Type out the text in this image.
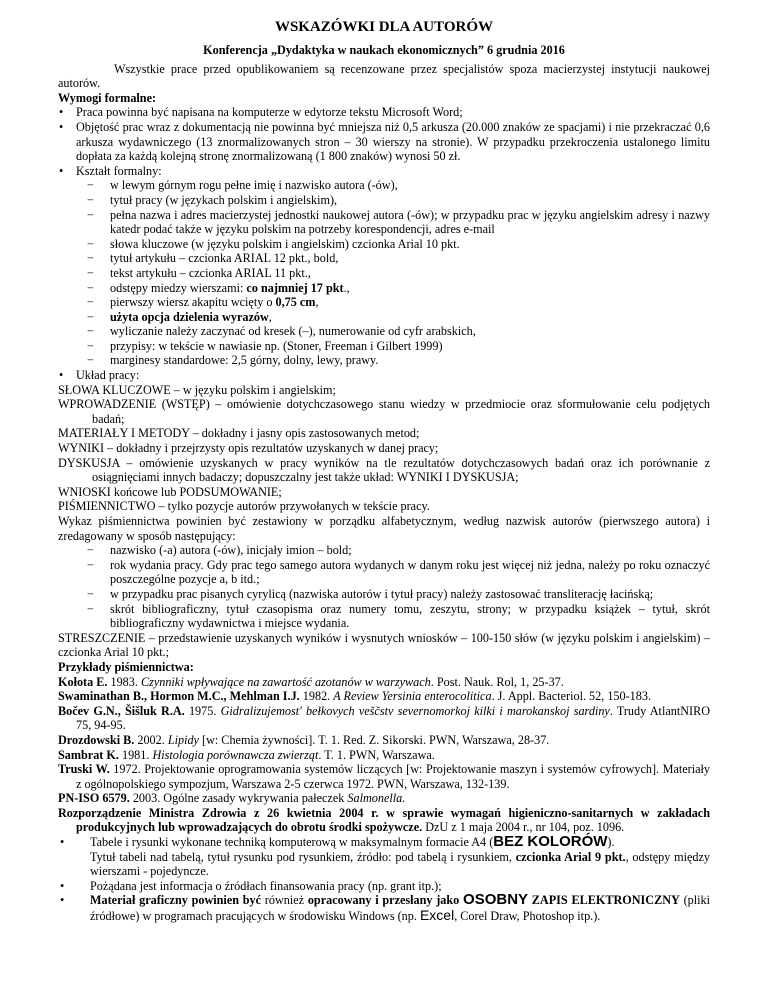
WSKAZÓWKI DLA AUTORÓW
Konferencja „Dydaktyka w naukach ekonomicznych” 6 grudnia 2016

Wszystkie prace przed opublikowaniem są recenzowane przez specjalistów spoza macierzystej instytucji naukowej autorów.

Wymogi formalne:

• Praca powinna być napisana na komputerze w edytorze tekstu Microsoft Word;

• Objętość prac wraz z dokumentacją nie powinna być mniejsza niż 0,5 arkusza (20.000 znaków ze spacjami) i nie przekraczać 0,6 arkusza wydawniczego (13 znormalizowanych stron – 30 wierszy na stronie). W przypadku przekroczenia ustalonego limitu dopłata za każdą kolejną stronę znormalizowaną (1 800 znaków) wynosi 50 zł.

• Kształt formalny:

− w lewym górnym rogu pełne imię i nazwisko autora (-ów),

− tytuł pracy (w językach polskim i angielskim),

− pełna nazwa i adres macierzystej jednostki naukowej autora (-ów); w przypadku prac w języku angielskim adresy i nazwy katedr podać także w języku polskim na potrzeby korespondencji, adres e-mail

− słowa kluczowe (w języku polskim i angielskim) czcionka Arial 10 pkt.

− tytuł artykułu – czcionka ARIAL 12 pkt., bold,

− tekst artykułu – czcionka ARIAL 11 pkt.,

− odstępy miedzy wierszami: co najmniej 17 pkt.,

− pierwszy wiersz akapitu wcięty o 0,75 cm,

− użyta opcja dzielenia wyrazów,

− wyliczanie należy zaczynać od kresek (–), numerowanie od cyfr arabskich,

− przypisy: w tekście w nawiasie np. (Stoner, Freeman i Gilbert 1999)

− marginesy standardowe: 2,5 górny, dolny, lewy, prawy.

• Układ pracy:

SŁOWA KLUCZOWE – w języku polskim i angielskim;

WPROWADZENIE (WSTĘP) – omówienie dotychczasowego stanu wiedzy w przedmiocie oraz sformułowanie celu podjętych badań;

MATERIAŁY I METODY – dokładny i jasny opis zastosowanych metod;

WYNIKI – dokładny i przejrzysty opis rezultatów uzyskanych w danej pracy;

DYSKUSJA – omówienie uzyskanych w pracy wyników na tle rezultatów dotychczasowych badań oraz ich porównanie z osiągnięciami innych badaczy; dopuszczalny jest także układ: WYNIKI I DYSKUSJA;

WNIOSKI końcowe lub PODSUMOWANIE;

PIŚMIENNICTWO – tylko pozycje autorów przywołanych w tekście pracy.

Wykaz piśmiennictwa powinien być zestawiony w porządku alfabetycznym, według nazwisk autorów (pierwszego autora) i zredagowany w sposób następujący:

− nazwisko (-a) autora (-ów), inicjały imion – bold;

− rok wydania pracy. Gdy prac tego samego autora wydanych w danym roku jest więcej niż jedna, należy po roku oznaczyć poszczególne pozycje a, b itd.;

− w przypadku prac pisanych cyrylicą (nazwiska autorów i tytuł pracy) należy zastosować transliterację łacińską;

− skrót bibliograficzny, tytuł czasopisma oraz numery tomu, zeszytu, strony; w przypadku książek – tytuł, skrót bibliograficzny wydawnictwa i miejsce wydania.

STRESZCZENIE – przedstawienie uzyskanych wyników i wysnutych wniosków – 100-150 słów (w języku polskim i angielskim) – czcionka Arial 10 pkt.;

Przykłady piśmiennictwa:

Kołota E. 1983. Czynniki wpływające na zawartość azotanów w warzywach. Post. Nauk. Rol, 1, 25-37.

Swaminathan B., Hormon M.C., Mehlman I.J. 1982. A Review Yersinia enterocolitica. J. Appl. Bacteriol. 52, 150-183.

Bočev G.N., Šišluk R.A. 1975. Gidralizujemost' bełkovych veščstv severnomorkoj kilki i marokanskoj sardiny. Trudy AtlantNIRO 75, 94-95.

Drozdowski B. 2002. Lipidy [w: Chemia żywności]. T. 1. Red. Z. Sikorski. PWN, Warszawa, 28-37.

Sambrat K. 1981. Histologia porównawcza zwierząt. T. 1. PWN, Warszawa.

Truski W. 1972. Projektowanie oprogramowania systemów liczących [w: Projektowanie maszyn i systemów cyfrowych]. Materiały z ogólnopolskiego sympozjum, Warszawa 2-5 czerwca 1972. PWN, Warszawa, 132-139.

PN-ISO 6579. 2003. Ogólne zasady wykrywania pałeczek Salmonella.

Rozporządzenie Ministra Zdrowia z 26 kwietnia 2004 r. w sprawie wymagań higieniczno-sanitarnych w zakładach produkcyjnych lub wprowadzających do obrotu środki spożywcze. DzU z 1 maja 2004 r., nr 104, poz. 1096.

• Tabele i rysunki wykonane techniką komputerową w maksymalnym formacie A4 (BEZ KOLORÓW).
Tytuł tabeli nad tabelą, tytuł rysunku pod rysunkiem, źródło: pod tabelą i rysunkiem, czcionka Arial 9 pkt., odstępy między wierszami - pojedyncze.

• Pożądana jest informacja o źródłach finansowania pracy (np. grant itp.);

• Materiał graficzny powinien być również opracowany i przesłany jako OSOBNY ZAPIS ELEKTRONICZNY (pliki źródłowe) w programach pracujących w środowisku Windows (np. Excel, Corel Draw, Photoshop itp.).
